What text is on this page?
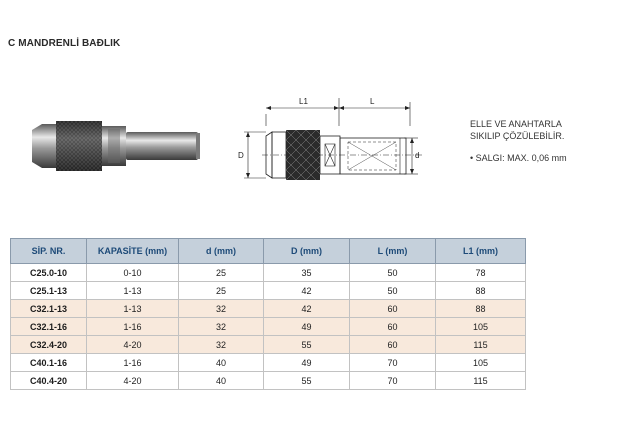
C MANDRENLİ BAĐLIK
L1	L
D	d
ELLE VE ANAHTARLA
SIKILIP ÇÖZÜLEBİLİR.
• SALGI: MAX. 0,06 mm
SİP. NR.	KAPASİTE (mm)	d (mm)	D (mm)	L (mm)	L1 (mm)
C25.0-10	0-10	25	35	50	78
C25.1-13	1-13	25	42	50	88
C32.1-13	1-13	32	42	60	88
C32.1-16	1-16	32	49	60	105
C32.4-20	4-20	32	55	60	115
C40.1-16	1-16	40	49	70	105
C40.4-20	4-20	40	55	70	115
